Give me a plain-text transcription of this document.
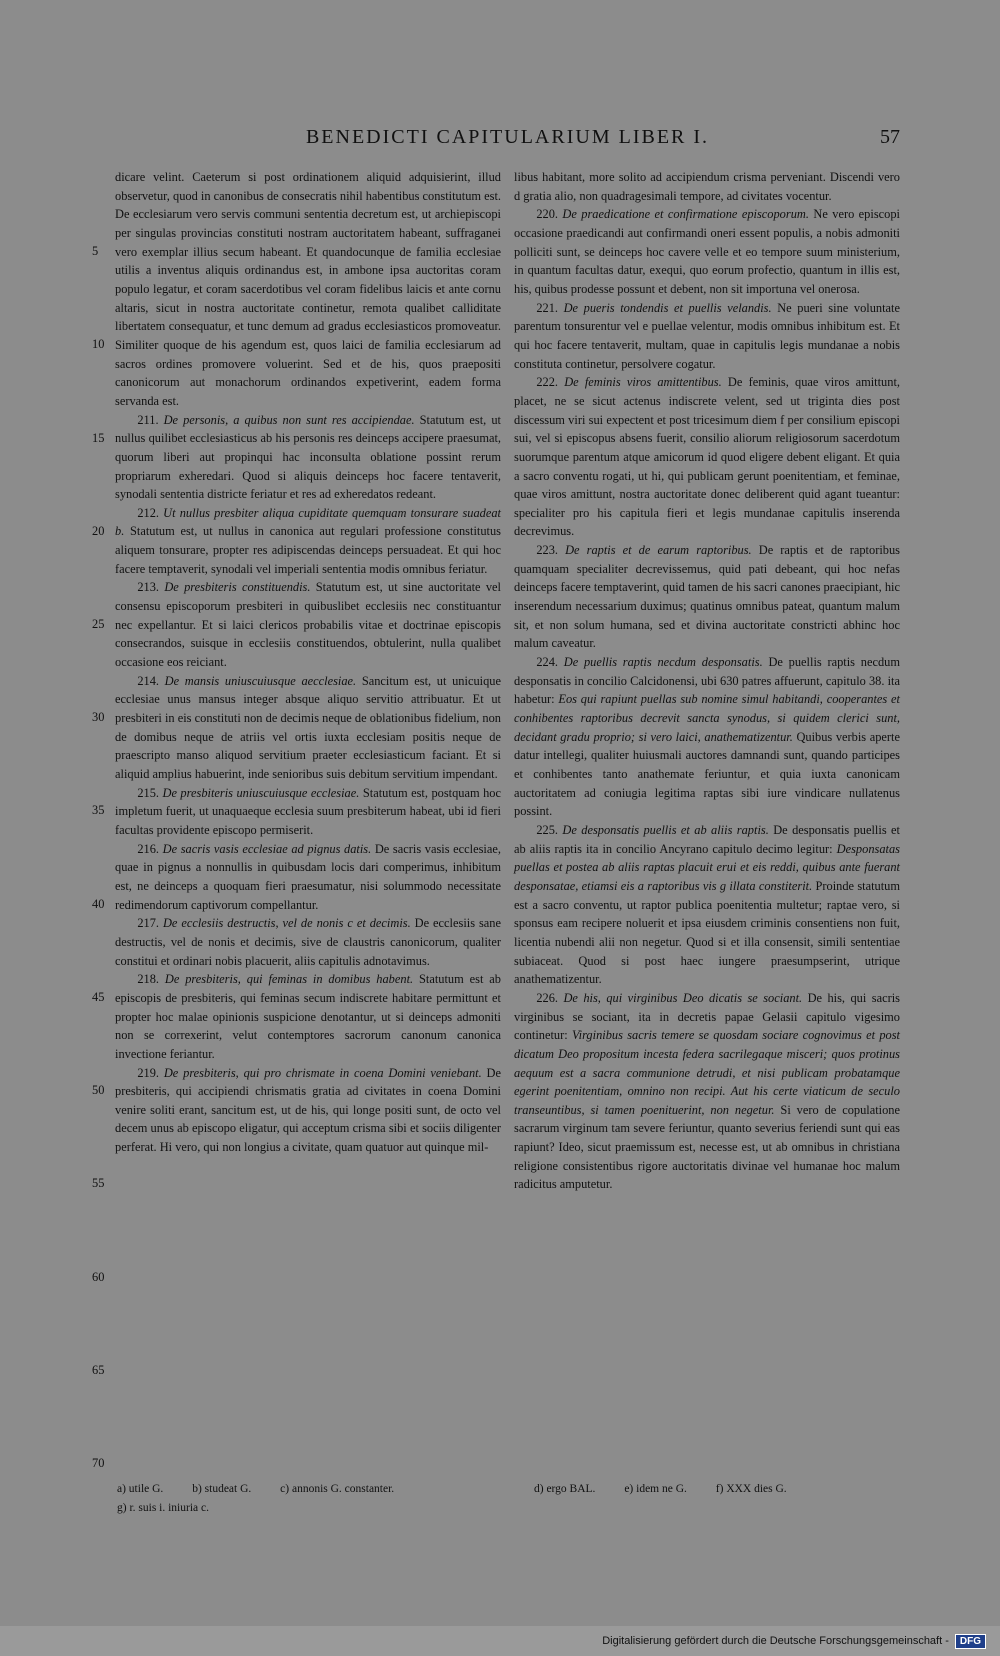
BENEDICTI CAPITULARIUM LIBER I.	57
5
10
15
20
25
30
35
40
45
50
55
60
65
70

dicare velint. Caeterum si post ordinationem aliquid adquisierint, illud observetur, quod in canonibus de consecratis nihil habentibus constitutum est. De ecclesiarum vero servis communi sententia decretum est, ut archiepiscopi per singulas provincias constituti nostram auctoritatem habeant, suffraganei vero exemplar illius secum habeant. Et quandocunque de familia ecclesiae utilis a inventus aliquis ordinandus est, in ambone ipsa auctoritas coram populo legatur, et coram sacerdotibus vel coram fidelibus laicis et ante cornu altaris, sicut in nostra auctoritate continetur, remota qualibet calliditate libertatem consequatur, et tunc demum ad gradus ecclesiasticos promoveatur. Similiter quoque de his agendum est, quos laici de familia ecclesiarum ad sacros ordines promovere voluerint. Sed et de his, quos praepositi canonicorum aut monachorum ordinandos expetiverint, eadem forma servanda est.

211. De personis, a quibus non sunt res accipiendae. Statutum est, ut nullus quilibet ecclesiasticus ab his personis res deinceps accipere praesumat, quorum liberi aut propinqui hac inconsulta oblatione possint rerum propriarum exheredari. Quod si aliquis deinceps hoc facere tentaverit, synodali sententia districte feriatur et res ad exheredatos redeant.

212. Ut nullus presbiter aliqua cupiditate quemquam tonsurare suadeat b. Statutum est, ut nullus in canonica aut regulari professione constitutus aliquem tonsurare, propter res adipiscendas deinceps persuadeat. Et qui hoc facere temptaverit, synodali vel imperiali sententia modis omnibus feriatur.

213. De presbiteris constituendis. Statutum est, ut sine auctoritate vel consensu episcoporum presbiteri in quibuslibet ecclesiis nec constituantur nec expellantur. Et si laici clericos probabilis vitae et doctrinae episcopis consecrandos, suisque in ecclesiis constituendos, obtulerint, nulla qualibet occasione eos reiciant.

214. De mansis uniuscuiusque aecclesiae. Sancitum est, ut unicuique ecclesiae unus mansus integer absque aliquo servitio attribuatur. Et ut presbiteri in eis constituti non de decimis neque de oblationibus fidelium, non de domibus neque de atriis vel ortis iuxta ecclesiam positis neque de praescripto manso aliquod servitium praeter ecclesiasticum faciant. Et si aliquid amplius habuerint, inde senioribus suis debitum servitium impendant.

215. De presbiteris uniuscuiusque ecclesiae. Statutum est, postquam hoc impletum fuerit, ut unaquaeque ecclesia suum presbiterum habeat, ubi id fieri facultas providente episcopo permiserit.

216. De sacris vasis ecclesiae ad pignus datis. De sacris vasis ecclesiae, quae in pignus a nonnullis in quibusdam locis dari comperimus, inhibitum est, ne deinceps a quoquam fieri praesumatur, nisi solummodo necessitate redimendorum captivorum compellantur.

217. De ecclesiis destructis, vel de nonis c et decimis. De ecclesiis sane destructis, vel de nonis et decimis, sive de claustris canonicorum, qualiter constitui et ordinari nobis placuerit, aliis capitulis adnotavimus.

218. De presbiteris, qui feminas in domibus habent. Statutum est ab episcopis de presbiteris, qui feminas secum indiscrete habitare permittunt et propter hoc malae opinionis suspicione denotantur, ut si deinceps admoniti non se correxerint, velut contemptores sacrorum canonum canonica invectione feriantur.

219. De presbiteris, qui pro chrismate in coena Domini veniebant. De presbiteris, qui accipiendi chrismatis gratia ad civitates in coena Domini venire soliti erant, sancitum est, ut de his, qui longe positi sunt, de octo vel decem unus ab episcopo eligatur, qui acceptum crisma sibi et sociis diligenter perferat. Hi vero, qui non longius a civitate, quam quatuor aut quinque mil-

libus habitant, more solito ad accipiendum crisma perveniant. Discendi vero d gratia alio, non quadragesimali tempore, ad civitates vocentur.

220. De praedicatione et confirmatione episcoporum. Ne vero episcopi occasione praedicandi aut confirmandi oneri essent populis, a nobis admoniti polliciti sunt, se deinceps hoc cavere velle et eo tempore suum ministerium, in quantum facultas datur, exequi, quo eorum profectio, quantum in illis est, his, quibus prodesse possunt et debent, non sit importuna vel onerosa.

221. De pueris tondendis et puellis velandis. Ne pueri sine voluntate parentum tonsurentur vel e puellae velentur, modis omnibus inhibitum est. Et qui hoc facere tentaverit, multam, quae in capitulis legis mundanae a nobis constituta continetur, persolvere cogatur.

222. De feminis viros amittentibus. De feminis, quae viros amittunt, placet, ne se sicut actenus indiscrete velent, sed ut triginta dies post discessum viri sui expectent et post tricesimum diem f per consilium episcopi sui, vel si episcopus absens fuerit, consilio aliorum religiosorum sacerdotum suorumque parentum atque amicorum id quod eligere debent eligant. Et quia a sacro conventu rogati, ut hi, qui publicam gerunt poenitentiam, et feminae, quae viros amittunt, nostra auctoritate donec deliberent quid agant tueantur: specialiter pro his capitula fieri et legis mundanae capitulis inserenda decrevimus.

223. De raptis et de earum raptoribus. De raptis et de raptoribus quamquam specialiter decrevissemus, quid pati debeant, qui hoc nefas deinceps facere temptaverint, quid tamen de his sacri canones praecipiant, hic inserendum necessarium duximus; quatinus omnibus pateat, quantum malum sit, et non solum humana, sed et divina auctoritate constricti abhinc hoc malum caveatur.

224. De puellis raptis necdum desponsatis. De puellis raptis necdum desponsatis in concilio Calcidonensi, ubi 630 patres affuerunt, capitulo 38. ita habetur: Eos qui rapiunt puellas sub nomine simul habitandi, cooperantes et conhibentes raptoribus decrevit sancta synodus, si quidem clerici sunt, decidant gradu proprio; si vero laici, anathematizentur. Quibus verbis aperte datur intellegi, qualiter huiusmali auctores damnandi sunt, quando participes et conhibentes tanto anathemate feriuntur, et quia iuxta canonicam auctoritatem ad coniugia legitima raptas sibi iure vindicare nullatenus possint.

225. De desponsatis puellis et ab aliis raptis. De desponsatis puellis et ab aliis raptis ita in concilio Ancyrano capitulo decimo legitur: Desponsatas puellas et postea ab aliis raptas placuit erui et eis reddi, quibus ante fuerant desponsatae, etiamsi eis a raptoribus vis g illata constiterit. Proinde statutum est a sacro conventu, ut raptor publica poenitentia multetur; raptae vero, si sponsus eam recipere noluerit et ipsa eiusdem criminis consentiens non fuit, licentia nubendi alii non negetur. Quod si et illa consensit, simili sententiae subiaceat. Quod si post haec iungere praesumpserint, utrique anathematizentur.

226. De his, qui virginibus Deo dicatis se sociant. De his, qui sacris virginibus se sociant, ita in decretis papae Gelasii capitulo vigesimo continetur: Virginibus sacris temere se quosdam sociare cognovimus et post dicatum Deo propositum incesta federa sacrilegaque misceri; quos protinus aequum est a sacra communione detrudi, et nisi publicam probatamque egerint poenitentiam, omnino non recipi. Aut his certe viaticum de seculo transeuntibus, si tamen poenituerint, non negetur. Si vero de copulatione sacrarum virginum tam severe feriuntur, quanto severius feriendi sunt qui eas rapiunt? Ideo, sicut praemissum est, necesse est, ut ab omnibus in christiana religione consistentibus rigore auctoritatis divinae vel humanae hoc malum radicitus amputetur.

a) utile G.	b) studeat G.	c) annonis G. constanter.
g) r. suis i. iniuria c.
d) ergo BAL.	e) idem ne G.	f) XXX dies G.
Digitalisierung gefördert durch die Deutsche Forschungsgemeinschaft -	DFG
